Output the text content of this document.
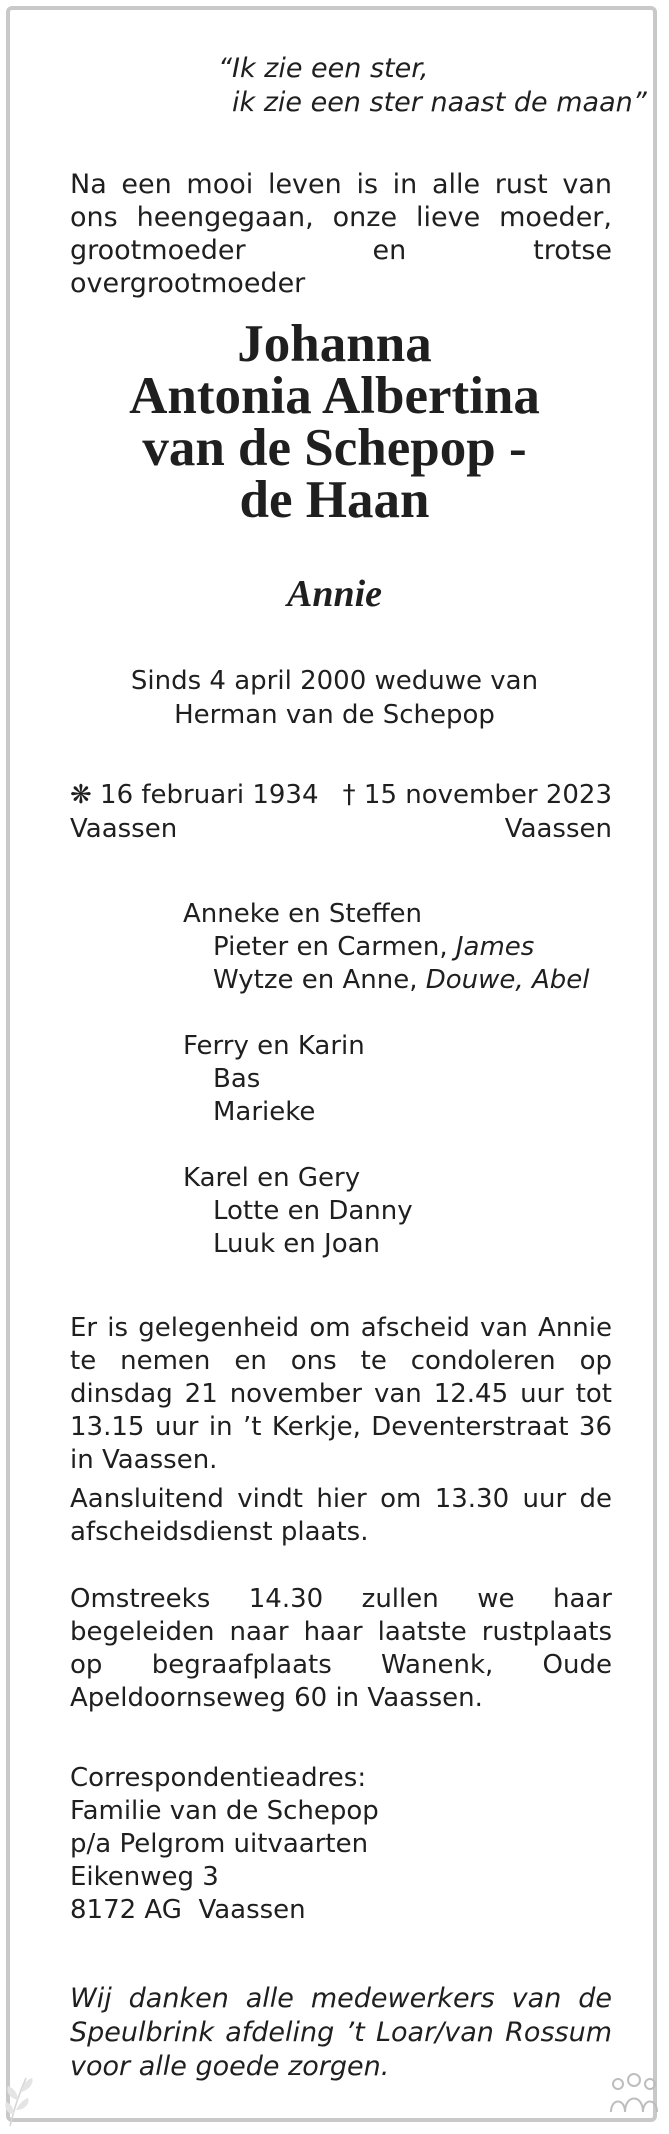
“Ik zie een ster,
ik zie een ster naast de maan”
Na een mooi leven is in alle rust van ons heengegaan, onze lieve moeder, grootmoeder en trotse overgrootmoeder
Johanna
Antonia Albertina
van de Schepop -
de Haan
Annie
Sinds 4 april 2000 weduwe van
Herman van de Schepop
❋ 16 februari 1934 † 15 november 2023
Vaassen	Vaassen
Anneke en Steffen
Pieter en Carmen, James
Wytze en Anne, Douwe, Abel
Ferry en Karin
Bas
Marieke
Karel en Gery
Lotte en Danny
Luuk en Joan
Er is gelegenheid om afscheid van Annie te nemen en ons te condoleren op dinsdag 21 november van 12.45 uur tot 13.15 uur in ’t Kerkje, Deventerstraat 36 in Vaassen.
Aansluitend vindt hier om 13.30 uur de afscheidsdienst plaats.
Omstreeks 14.30 zullen we haar begeleiden naar haar laatste rustplaats op begraafplaats Wanenk, Oude Apeldoornseweg 60 in Vaassen.
Correspondentieadres:
Familie van de Schepop
p/a Pelgrom uitvaarten
Eikenweg 3
8172 AG  Vaassen
Wij danken alle medewerkers van de Speulbrink afdeling ’t Loar/van Rossum voor alle goede zorgen.
